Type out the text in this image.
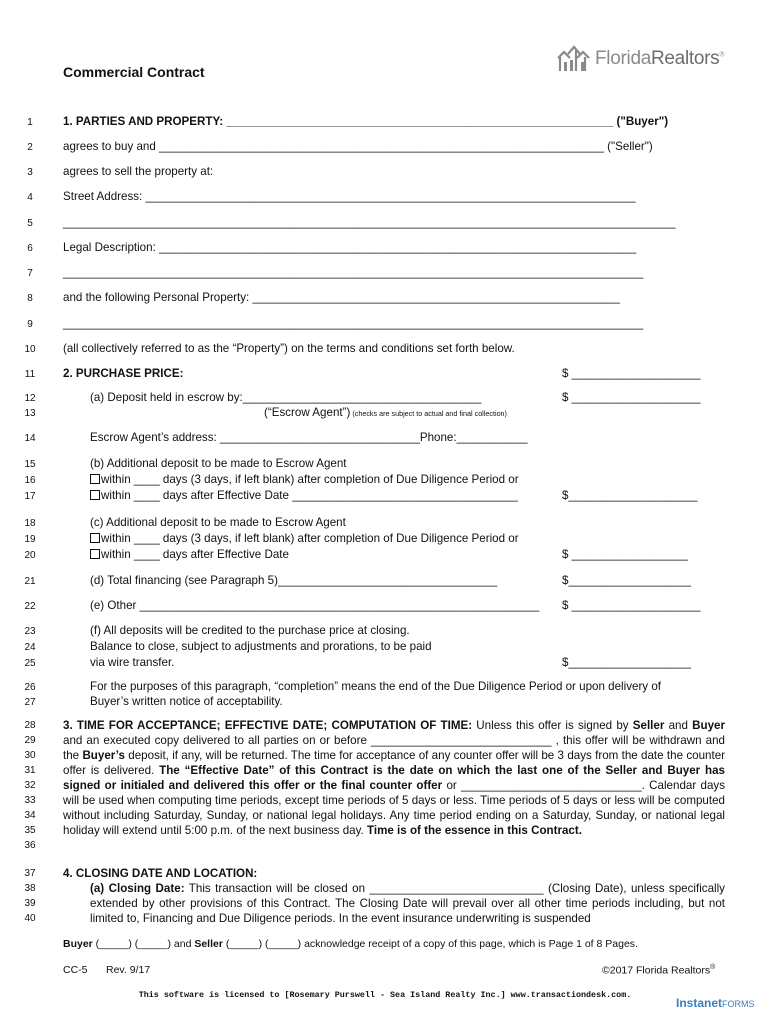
Commercial Contract
FloridaRealtors®
1	1. PARTIES AND PROPERTY: ____________________________________________________________ ("Buyer")
2	agrees to buy and _____________________________________________________________________ ("Seller")
3	agrees to sell the property at:
4	Street Address: ____________________________________________________________________________
5	_______________________________________________________________________________________________
6	Legal Description: __________________________________________________________________________
7	__________________________________________________________________________________________
8	and the following Personal Property: _________________________________________________________
9	__________________________________________________________________________________________
10	(all collectively referred to as the “Property”) on the terms and conditions set forth below.
11	2. PURCHASE PRICE:	$ ____________________
12	(a) Deposit held in escrow by:_____________________________________	$ ____________________
13	(“Escrow Agent”) (checks are subject to actual and final collection)
14	Escrow Agent’s address: _______________________________Phone:___________
15	(b) Additional deposit to be made to Escrow Agent
16	within ____ days (3 days, if left blank) after completion of Due Diligence Period or
17	within ____ days after Effective Date ___________________________________	$____________________
18	(c) Additional deposit to be made to Escrow Agent
19	within ____ days (3 days, if left blank) after completion of Due Diligence Period or
20	within ____ days after Effective Date	$ __________________
21	(d) Total financing (see Paragraph 5)__________________________________	$___________________
22	(e) Other ______________________________________________________________ $ ____________________
23	(f) All deposits will be credited to the purchase price at closing.
24	Balance to close, subject to adjustments and prorations, to be paid
25	via wire transfer.	$___________________
26	For the purposes of this paragraph, “completion” means the end of the Due Diligence Period or upon delivery of
27	Buyer’s written notice of acceptability.
28
29
30
31
32
33
34
35
36
3. TIME FOR ACCEPTANCE; EFFECTIVE DATE; COMPUTATION OF TIME: Unless this offer is signed by Seller and Buyer and an executed copy delivered to all parties on or before ____________________________ , this offer will be withdrawn and the Buyer’s deposit, if any, will be returned. The time for acceptance of any counter offer will be 3 days from the date the counter offer is delivered. The “Effective Date” of this Contract is the date on which the last one of the Seller and Buyer has signed or initialed and delivered this offer or the final counter offer or ____________________________. Calendar days will be used when computing time periods, except time periods of 5 days or less. Time periods of 5 days or less will be computed without including Saturday, Sunday, or national legal holidays. Any time period ending on a Saturday, Sunday, or national legal holiday will extend until 5:00 p.m. of the next business day. Time is of the essence in this Contract.
37
38
39
40
4. CLOSING DATE AND LOCATION:
(a) Closing Date: This transaction will be closed on ___________________________ (Closing Date), unless specifically extended by other provisions of this Contract. The Closing Date will prevail over all other time periods including, but not limited to, Financing and Due Diligence periods. In the event insurance underwriting is suspended
Buyer (_____) (_____) and Seller (_____) (_____) acknowledge receipt of a copy of this page, which is Page 1 of 8 Pages.
CC-5 Rev. 9/17	©2017 Florida Realtors®
This software is licensed to [Rosemary Purswell - Sea Island Realty Inc.] www.transactiondesk.com.
InstanetFORMS
